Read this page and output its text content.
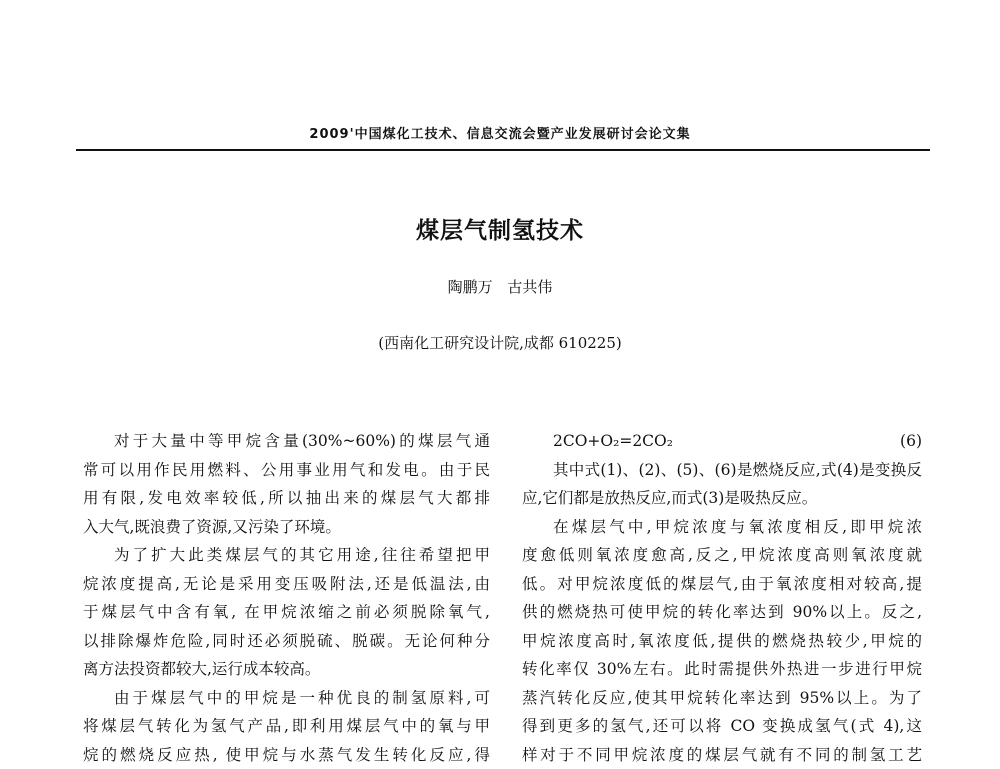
2009'中国煤化工技术、信息交流会暨产业发展研讨会论文集
煤层气制氢技术
陶鹏万 古共伟
(西南化工研究设计院,成都 610225)
对于大量中等甲烷含量(30%~60%)的煤层气通
常可以用作民用燃料、公用事业用气和发电。由于民
用有限,发电效率较低,所以抽出来的煤层气大都排
入大气,既浪费了资源,又污染了环境。
为了扩大此类煤层气的其它用途,往往希望把甲
烷浓度提高,无论是采用变压吸附法,还是低温法,由
于煤层气中含有氧, 在甲烷浓缩之前必须脱除氧气,
以排除爆炸危险,同时还必须脱硫、脱碳。无论何种分
离方法投资都较大,运行成本较高。
由于煤层气中的甲烷是一种优良的制氢原料,可
将煤层气转化为氢气产品,即利用煤层气中的氧与甲
烷的燃烧反应热, 使甲烷与水蒸气发生转化反应,得
2CO+O₂=2CO₂	(6)
其中式(1)、(2)、(5)、(6)是燃烧反应,式(4)是变换反
应,它们都是放热反应,而式(3)是吸热反应。
在煤层气中,甲烷浓度与氧浓度相反,即甲烷浓
度愈低则氧浓度愈高,反之,甲烷浓度高则氧浓度就
低。对甲烷浓度低的煤层气,由于氧浓度相对较高,提
供的燃烧热可使甲烷的转化率达到 90%以上。反之,
甲烷浓度高时,氧浓度低,提供的燃烧热较少,甲烷的
转化率仅 30%左右。此时需提供外热进一步进行甲烷
蒸汽转化反应,使其甲烷转化率达到 95%以上。为了
得到更多的氢气,还可以将 CO 变换成氢气(式 4),这
样对于不同甲烷浓度的煤层气就有不同的制氢工艺
